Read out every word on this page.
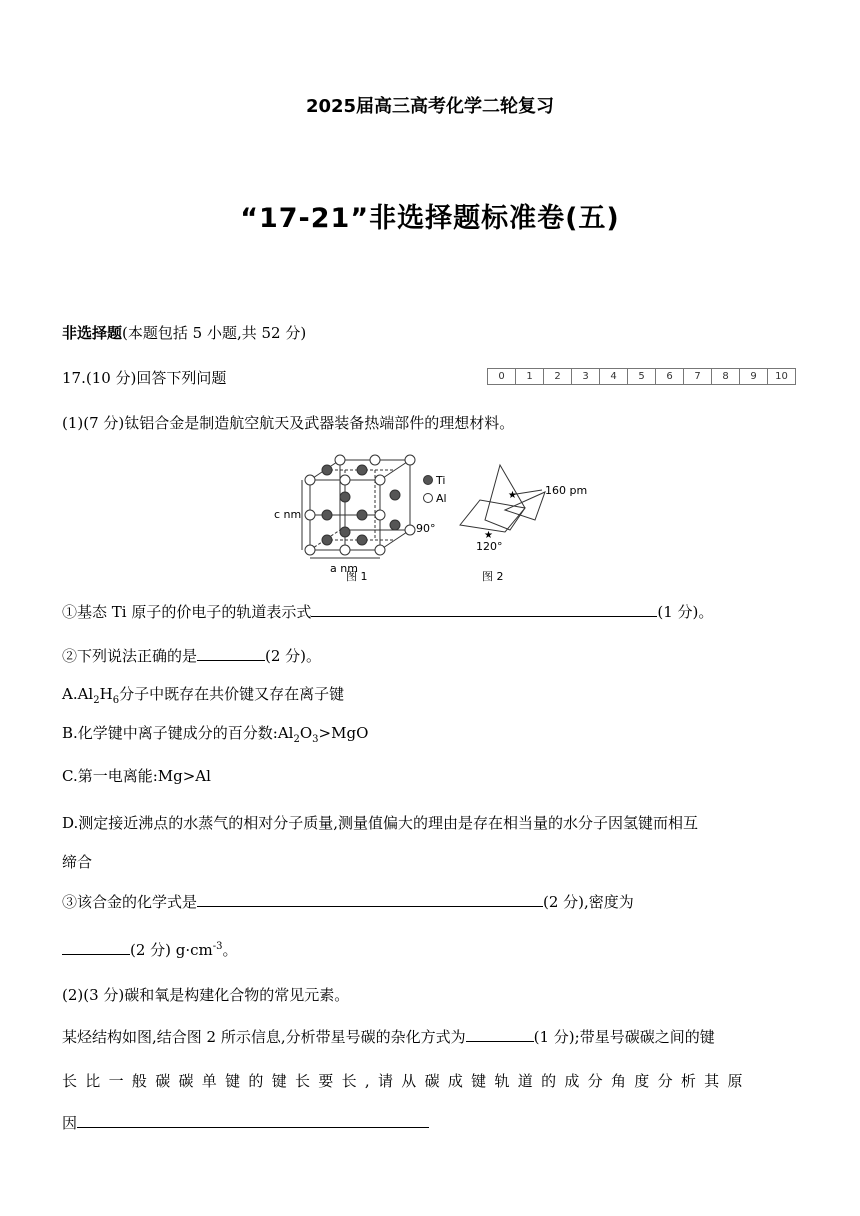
2025届高三高考化学二轮复习
“17-21”非选择题标准卷(五)
非选择题(本题包括 5 小题,共 52 分)
17.(10 分)回答下列问题	0	1	2	3	4	5	6	7	8	9	10
(1)(7 分)钛铝合金是制造航空航天及武器装备热端部件的理想材料。
c nm
a nm
90°
Ti
Al
图 1
★
★
160 pm
120°
图 2
①基态 Ti 原子的价电子的轨道表示式	(1 分)。
②下列说法正确的是	(2 分)。
$A.Al_2H_6$分子中既存在共价键又存在离子键
B.化学键中离子键成分的百分数$:Al_2O_3>MgO$
C.第一电离能:Mg>Al
D.测定接近沸点的水蒸气的相对分子质量,测量值偏大的理由是存在相当量的水分子因氢键而相互
缔合
③该合金的化学式是	(2 分),密度为
(2 分) $g\cdot cm^{-3}$。
(2)(3 分)碳和氧是构建化合物的常见元素。
某烃结构如图,结合图 2 所示信息,分析带星号碳的杂化方式为	(1 分);带星号碳碳之间的键
长比一般碳碳单键的键长要长,请从碳成键轨道的成分角度分析其原
因
